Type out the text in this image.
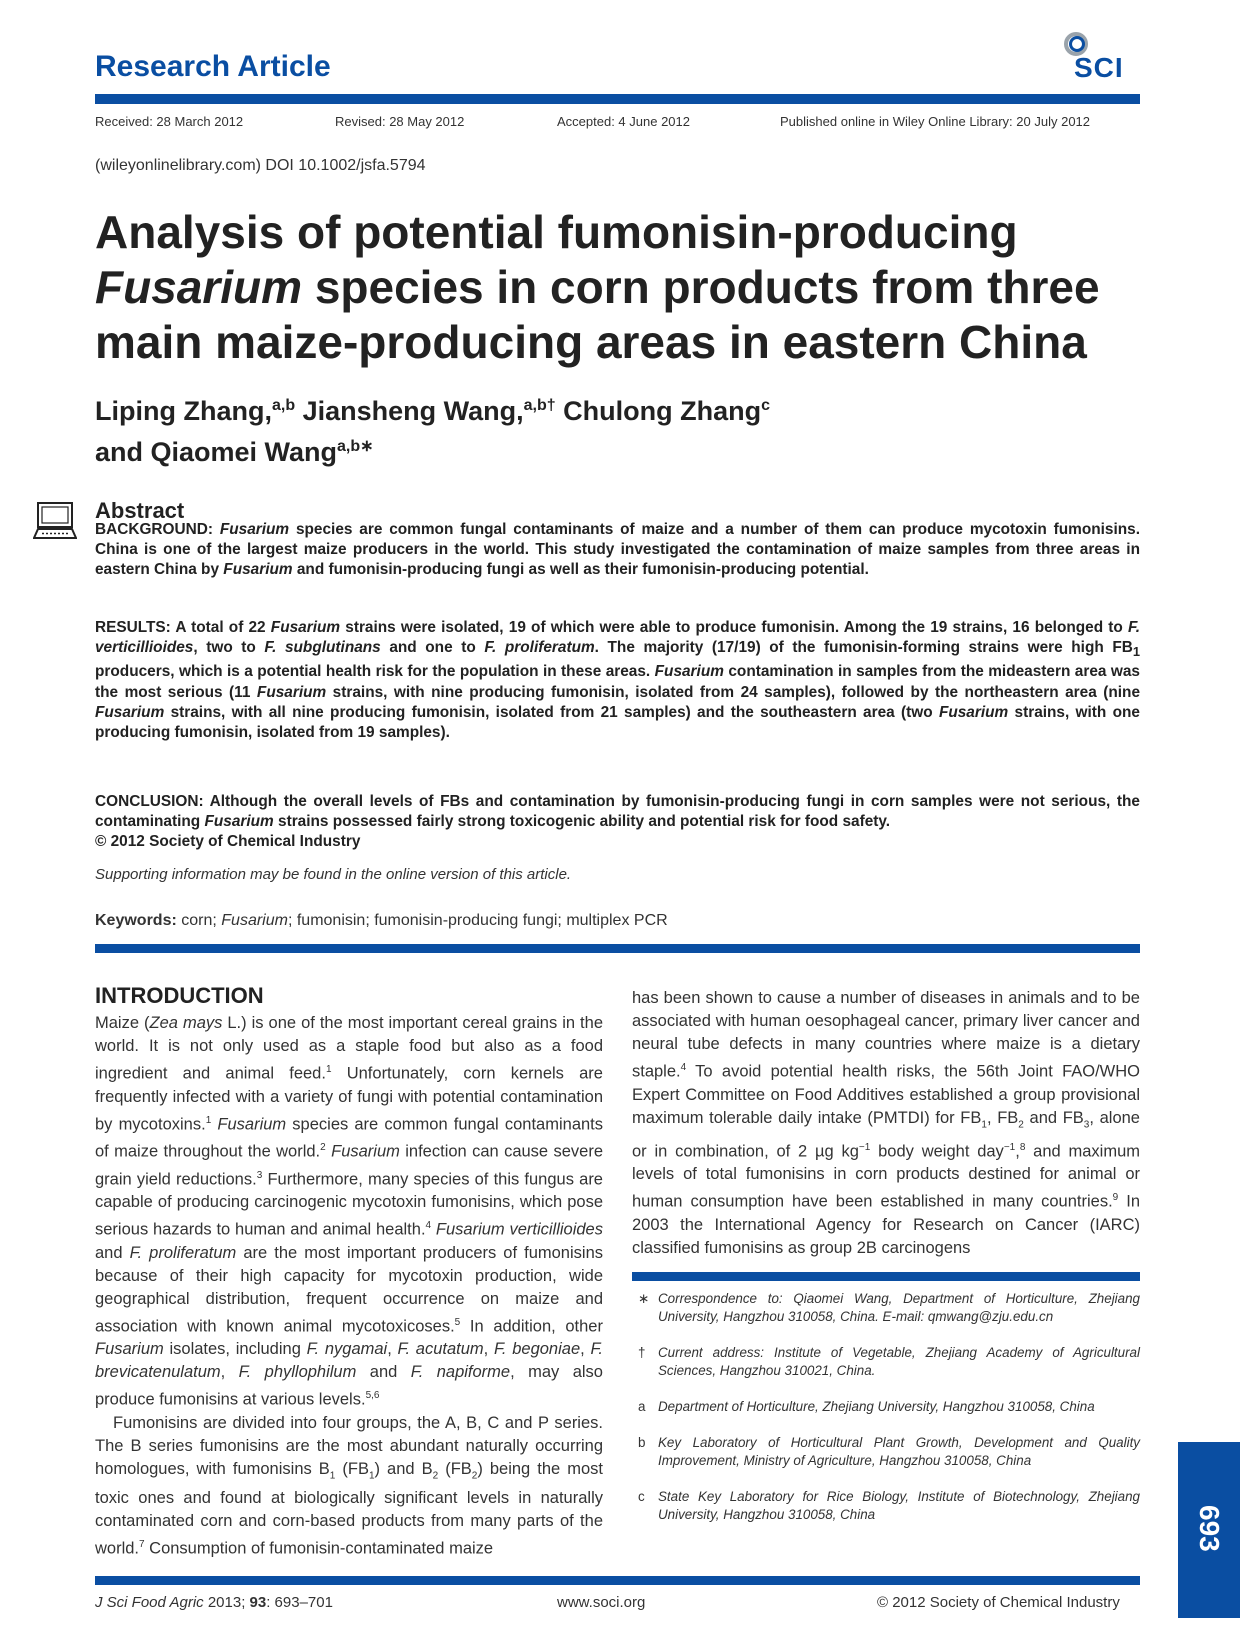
Research Article	SCI
Received: 28 March 2012	Revised: 28 May 2012	Accepted: 4 June 2012	Published online in Wiley Online Library: 20 July 2012
(wileyonlinelibrary.com) DOI 10.1002/jsfa.5794
Analysis of potential fumonisin-producing
Fusarium species in corn products from three
main maize-producing areas in eastern China
Liping Zhang,$^{a,b}$ Jiansheng Wang,$^{a,b\dagger}$ Chulong Zhang$^c$
and Qiaomei Wang$^{a,b∗}$
Abstract

BACKGROUND: Fusarium species are common fungal contaminants of maize and a number of them can produce mycotoxin fumonisins. China is one of the largest maize producers in the world. This study investigated the contamination of maize samples from three areas in eastern China by Fusarium and fumonisin-producing fungi as well as their fumonisin-producing potential.

RESULTS: A total of 22 Fusarium strains were isolated, 19 of which were able to produce fumonisin. Among the 19 strains, 16 belonged to F. verticillioides, two to F. subglutinans and one to F. proliferatum. The majority (17/19) of the fumonisin-forming strains were high $FB_1$ producers, which is a potential health risk for the population in these areas. Fusarium contamination in samples from the mideastern area was the most serious (11 Fusarium strains, with nine producing fumonisin, isolated from 24 samples), followed by the northeastern area (nine Fusarium strains, with all nine producing fumonisin, isolated from 21 samples) and the southeastern area (two Fusarium strains, with one producing fumonisin, isolated from 19 samples).

CONCLUSION: Although the overall levels of FBs and contamination by fumonisin-producing fungi in corn samples were not serious, the contaminating Fusarium strains possessed fairly strong toxicogenic ability and potential risk for food safety.
© 2012 Society of Chemical Industry

Supporting information may be found in the online version of this article.
Keywords: corn; Fusarium; fumonisin; fumonisin-producing fungi; multiplex PCR
INTRODUCTION

Maize (Zea mays L.) is one of the most important cereal grains in the world. It is not only used as a staple food but also as a food ingredient and animal feed.$^1$ Unfortunately, corn kernels are frequently infected with a variety of fungi with potential contamination by mycotoxins.$^1$ Fusarium species are common fungal contaminants of maize throughout the world.$^2$ Fusarium infection can cause severe grain yield reductions.$^3$ Furthermore, many species of this fungus are capable of producing carcinogenic mycotoxin fumonisins, which pose serious hazards to human and animal health.$^4$ Fusarium verticillioides and F. proliferatum are the most important producers of fumonisins because of their high capacity for mycotoxin production, wide geographical distribution, frequent occurrence on maize and association with known animal mycotoxicoses.$^5$ In addition, other Fusarium isolates, including F. nygamai, F. acutatum, F. begoniae, F. brevicatenulatum, F. phyllophilum and F. napiforme, may also produce fumonisins at various levels.$^{5,6}$

Fumonisins are divided into four groups, the A, B, C and P series. The B series fumonisins are the most abundant naturally occurring homologues, with fumonisins $B_1$ $(FB_1)$ and $B_2$ $(FB_2)$ being the most toxic ones and found at biologically significant levels in naturally contaminated corn and corn-based products from many parts of the world.$^7$ Consumption of fumonisin-contaminated maize

has been shown to cause a number of diseases in animals and to be associated with human oesophageal cancer, primary liver cancer and neural tube defects in many countries where maize is a dietary staple.$^4$ To avoid potential health risks, the 56th Joint FAO/WHO Expert Committee on Food Additives established a group provisional maximum tolerable daily intake (PMTDI) for $FB_1$, $FB_2$ and $FB_3$, alone or in combination, of 2 µg $kg^{-1}$ body weight day$^{-1}$,$^8$ and maximum levels of total fumonisins in corn products destined for animal or human consumption have been established in many countries.$^9$ In 2003 the International Agency for Research on Cancer (IARC) classified fumonisins as group 2B carcinogens

∗ Correspondence to: Qiaomei Wang, Department of Horticulture, Zhejiang University, Hangzhou 310058, China. E-mail: qmwang@zju.edu.cn
† Current address: Institute of Vegetable, Zhejiang Academy of Agricultural Sciences, Hangzhou 310021, China.
a Department of Horticulture, Zhejiang University, Hangzhou 310058, China
b Key Laboratory of Horticultural Plant Growth, Development and Quality Improvement, Ministry of Agriculture, Hangzhou 310058, China
c State Key Laboratory for Rice Biology, Institute of Biotechnology, Zhejiang University, Hangzhou 310058, China	693
J Sci Food Agric 2013; 93: 693–701	www.soci.org	© 2012 Society of Chemical Industry
